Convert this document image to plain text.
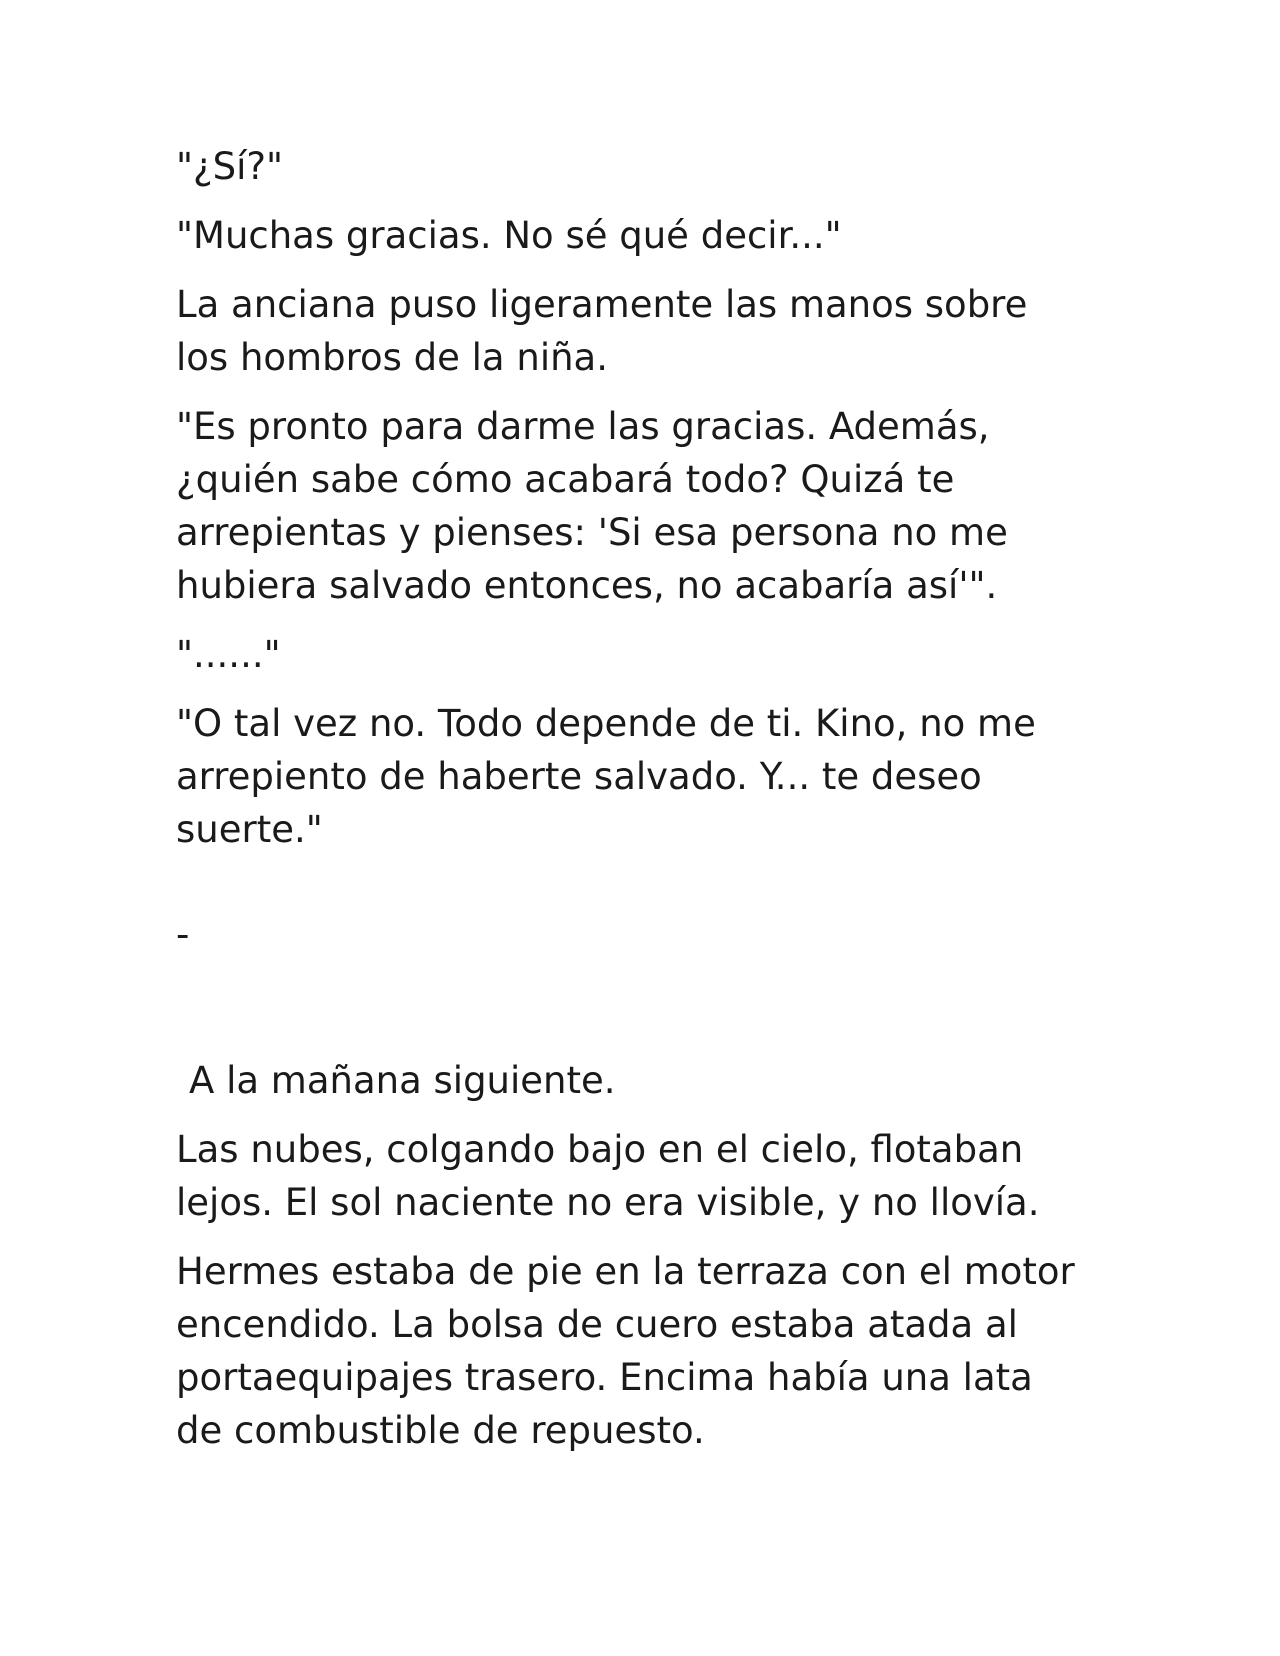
"¿Sí?"

"Muchas gracias. No sé qué decir..."

La anciana puso ligeramente las manos sobre
los hombros de la niña.

"Es pronto para darme las gracias. Además,
¿quién sabe cómo acabará todo? Quizá te
arrepientas y pienses: 'Si esa persona no me
hubiera salvado entonces, no acabaría así'".

"......"

"O tal vez no. Todo depende de ti. Kino, no me
arrepiento de haberte salvado. Y... te deseo
suerte."

-

A la mañana siguiente.

Las nubes, colgando bajo en el cielo, flotaban
lejos. El sol naciente no era visible, y no llovía.

Hermes estaba de pie en la terraza con el motor
encendido. La bolsa de cuero estaba atada al
portaequipajes trasero. Encima había una lata
de combustible de repuesto.
